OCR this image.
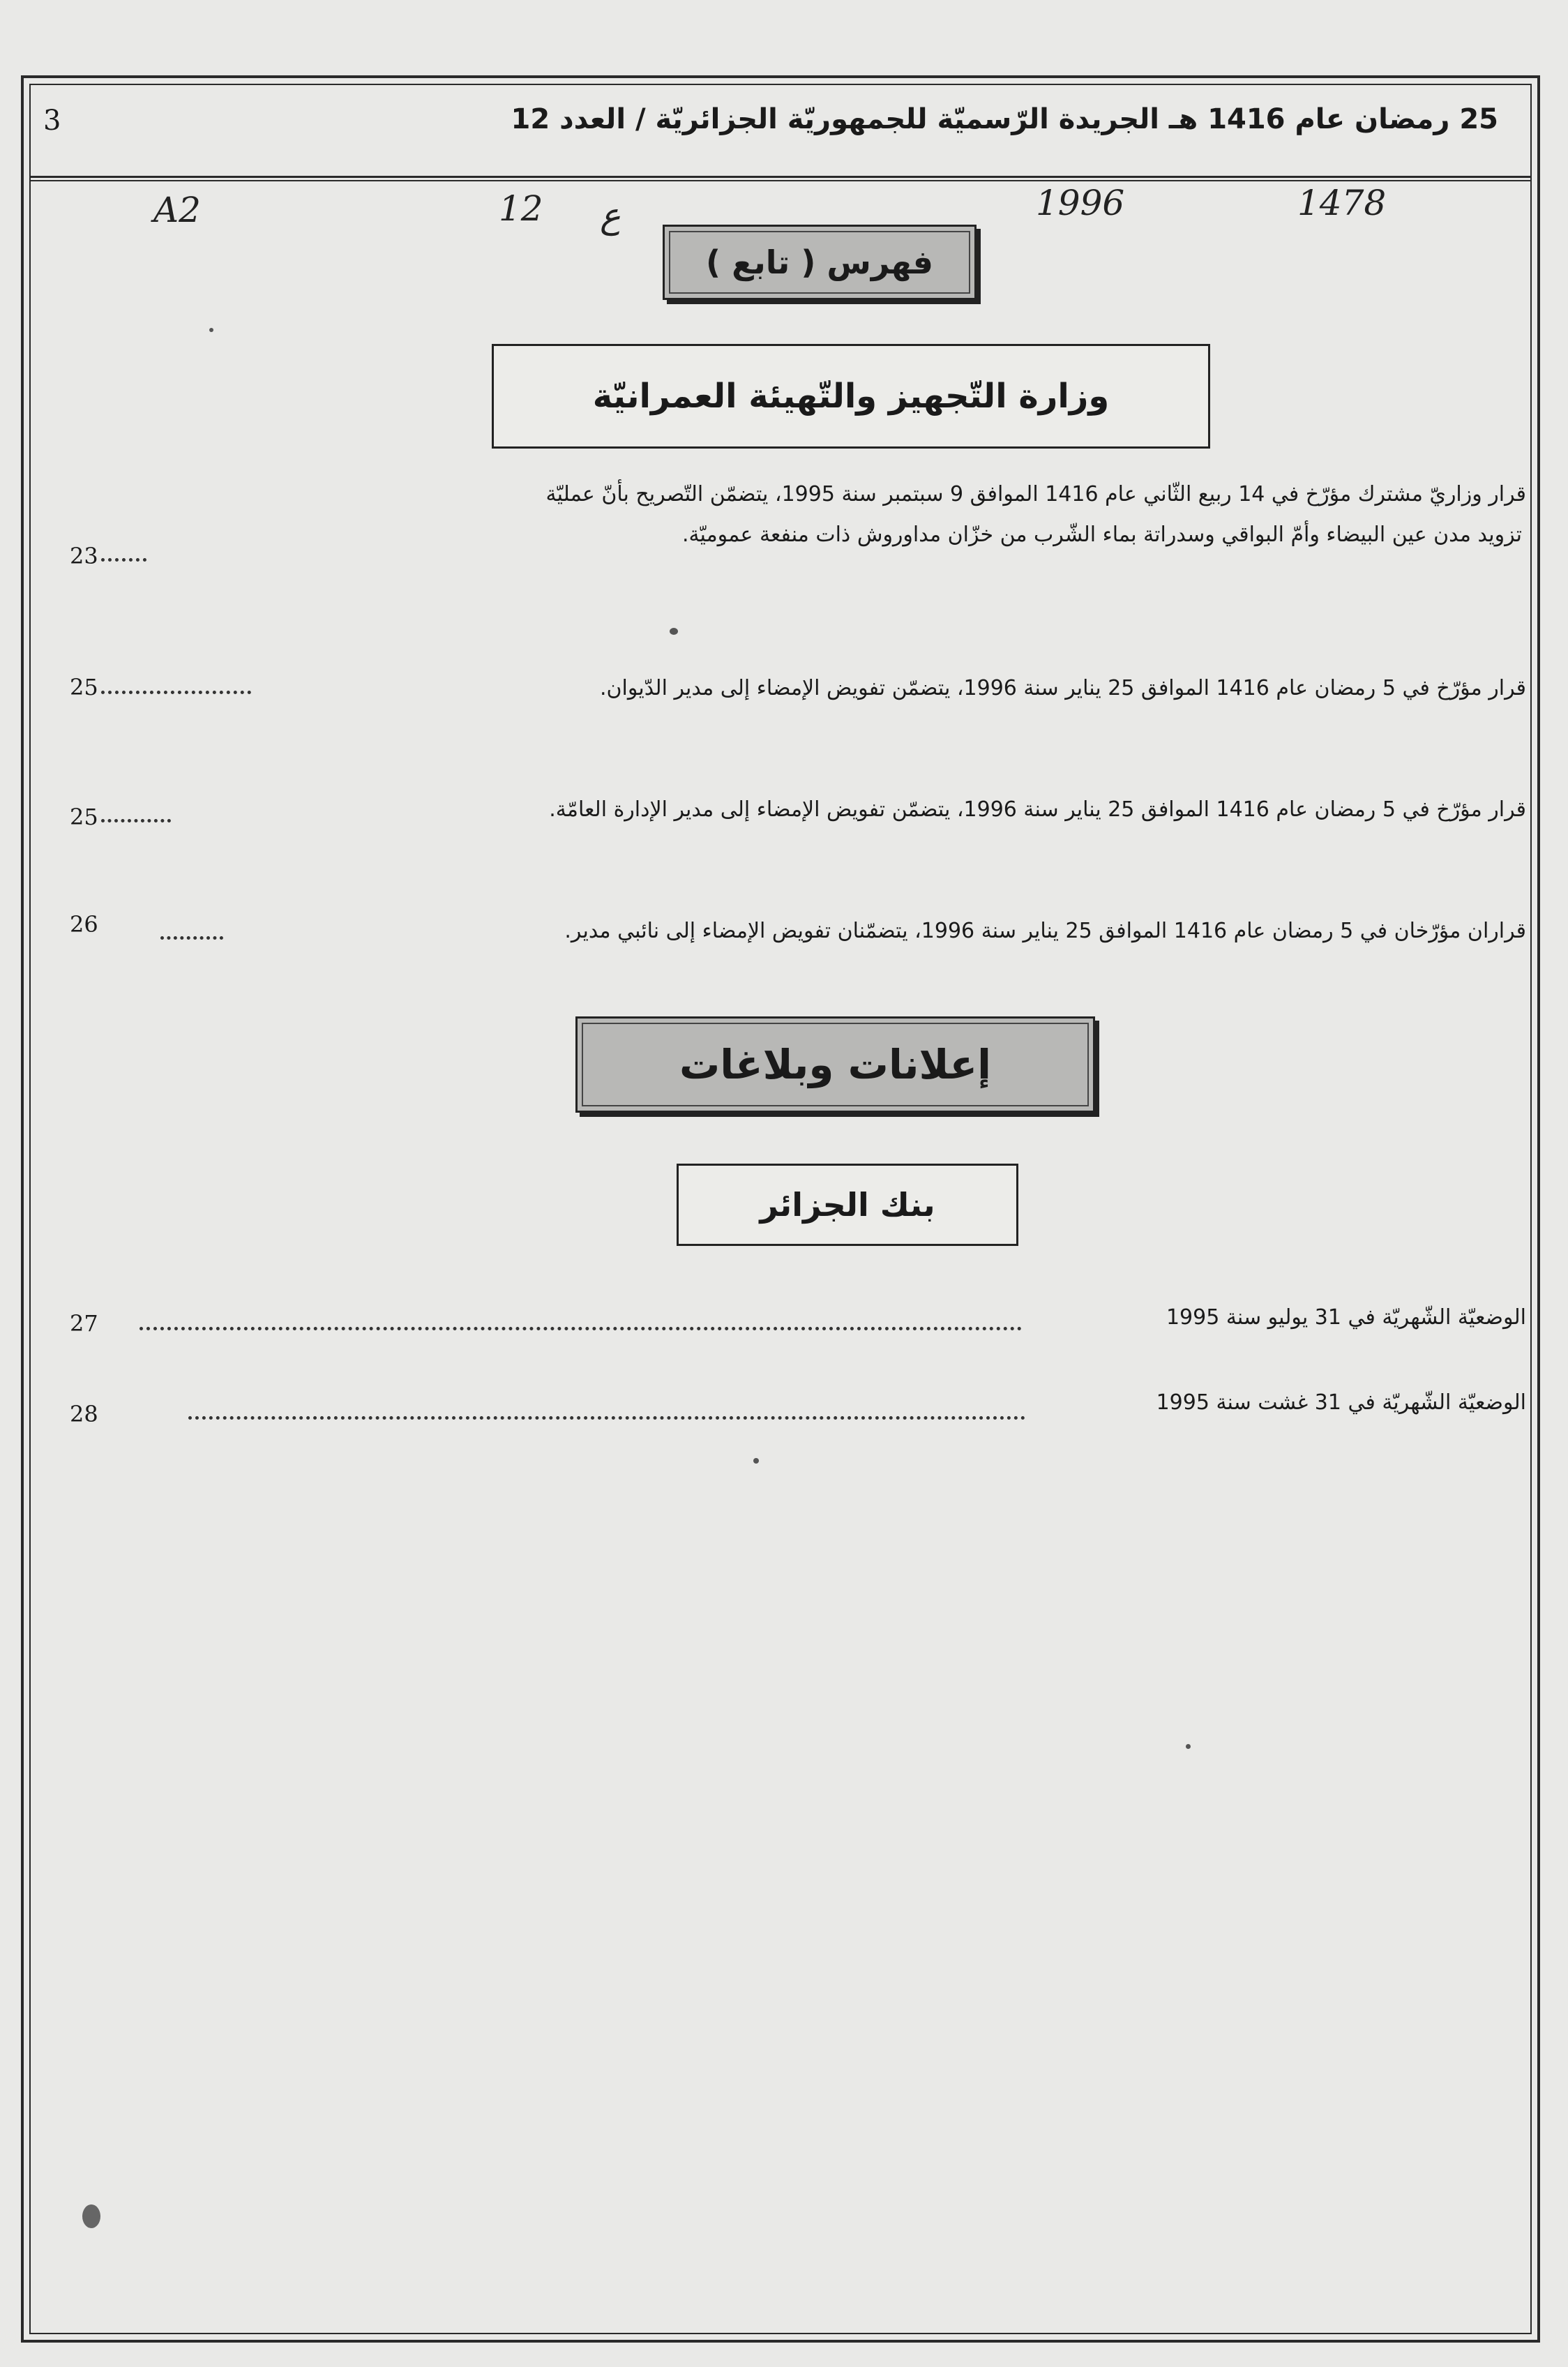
25 رمضان عام 1416 هـ الجريدة الرّسميّة للجمهوريّة الجزائريّة / العدد 12
3
1478
1996
ع
12
A2
فهرس ( تابع )
وزارة التّجهيز والتّهيئة العمرانيّة
قرار وزاريّ مشترك مؤرّخ في 14 ربيع الثّاني عام 1416 الموافق 9 سبتمبر سنة 1995، يتضمّن التّصريح بأنّ عمليّة
تزويد مدن عين البيضاء وأمّ البواقي وسدراتة بماء الشّرب من خزّان مداوروش ذات منفعة عموميّة.
23
قرار مؤرّخ في 5 رمضان عام 1416 الموافق 25 يناير سنة 1996، يتضمّن تفويض الإمضاء إلى مدير الدّيوان.
25
قرار مؤرّخ في 5 رمضان عام 1416 الموافق 25 يناير سنة 1996، يتضمّن تفويض الإمضاء إلى مدير الإدارة العامّة.
25
قراران مؤرّخان في 5 رمضان عام 1416 الموافق 25 يناير سنة 1996، يتضمّنان تفويض الإمضاء إلى نائبي مدير.
26
إعلانات وبلاغات
بنك الجزائر
الوضعيّة الشّهريّة في 31 يوليو سنة 1995
27
الوضعيّة الشّهريّة في 31 غشت سنة 1995
28
